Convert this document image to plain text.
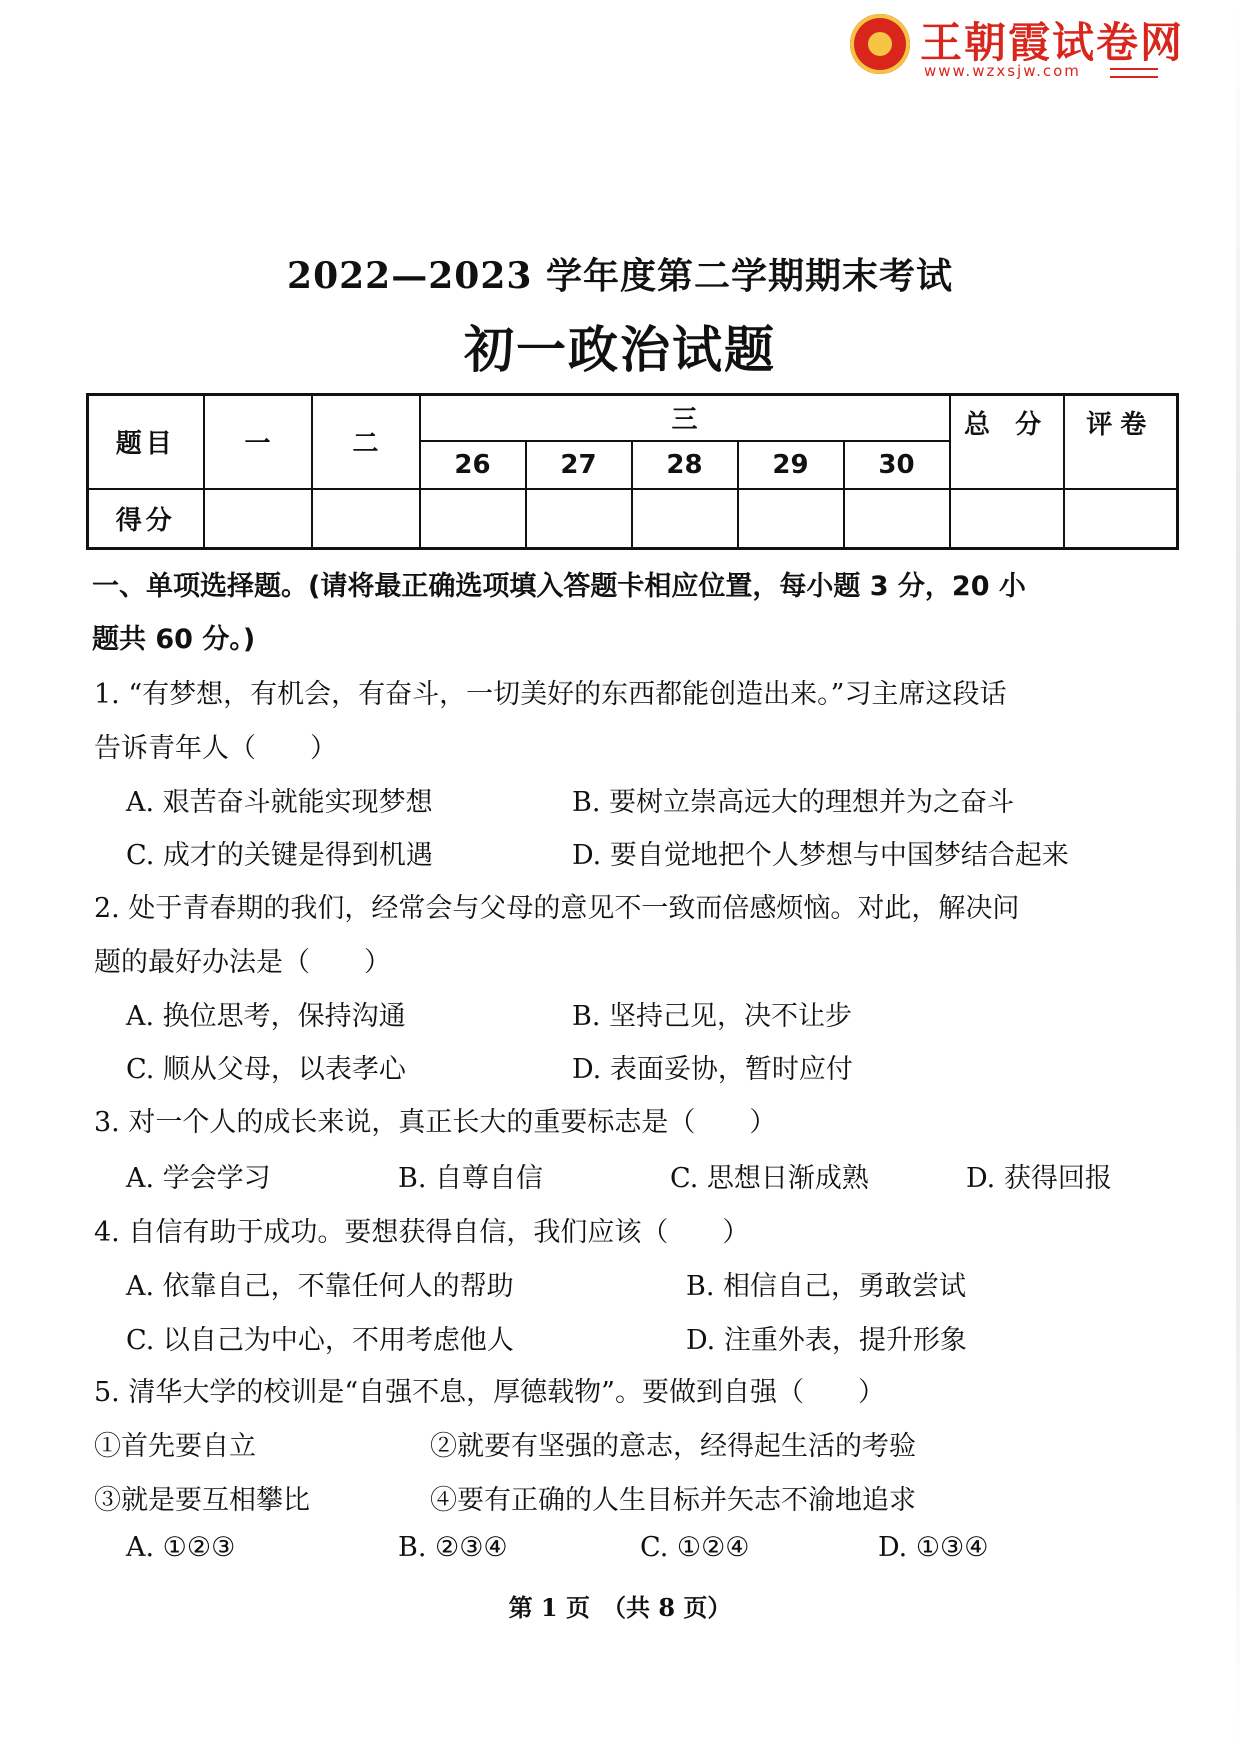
王朝霞试卷网
www.wzxsjw.com
2022—2023 学年度第二学期期末考试
初一政治试题
题目	一	二	三					总 分	评卷
			26	27	28	29	30		
得分									
一、单项选择题。(请将最正确选项填入答题卡相应位置，每小题 3 分，20 小
题共 60 分。)
1. “有梦想，有机会，有奋斗，一切美好的东西都能创造出来。”习主席这段话
告诉青年人（　　）
A. 艰苦奋斗就能实现梦想	B. 要树立崇高远大的理想并为之奋斗
C. 成才的关键是得到机遇	D. 要自觉地把个人梦想与中国梦结合起来
2. 处于青春期的我们，经常会与父母的意见不一致而倍感烦恼。对此，解决问
题的最好办法是（　　）
A. 换位思考，保持沟通	B. 坚持己见，决不让步
C. 顺从父母，以表孝心	D. 表面妥协，暂时应付
3. 对一个人的成长来说，真正长大的重要标志是（　　）
A. 学会学习	B. 自尊自信	C. 思想日渐成熟	D. 获得回报
4. 自信有助于成功。要想获得自信，我们应该（　　）
A. 依靠自己，不靠任何人的帮助	B. 相信自己，勇敢尝试
C. 以自己为中心，不用考虑他人	D. 注重外表，提升形象
5. 清华大学的校训是“自强不息，厚德载物”。要做到自强（　　）
①首先要自立	②就要有坚强的意志，经得起生活的考验
③就是要互相攀比	④要有正确的人生目标并矢志不渝地追求
A. ①②③	B. ②③④	C. ①②④	D. ①③④
第 1 页　（共 8 页）
